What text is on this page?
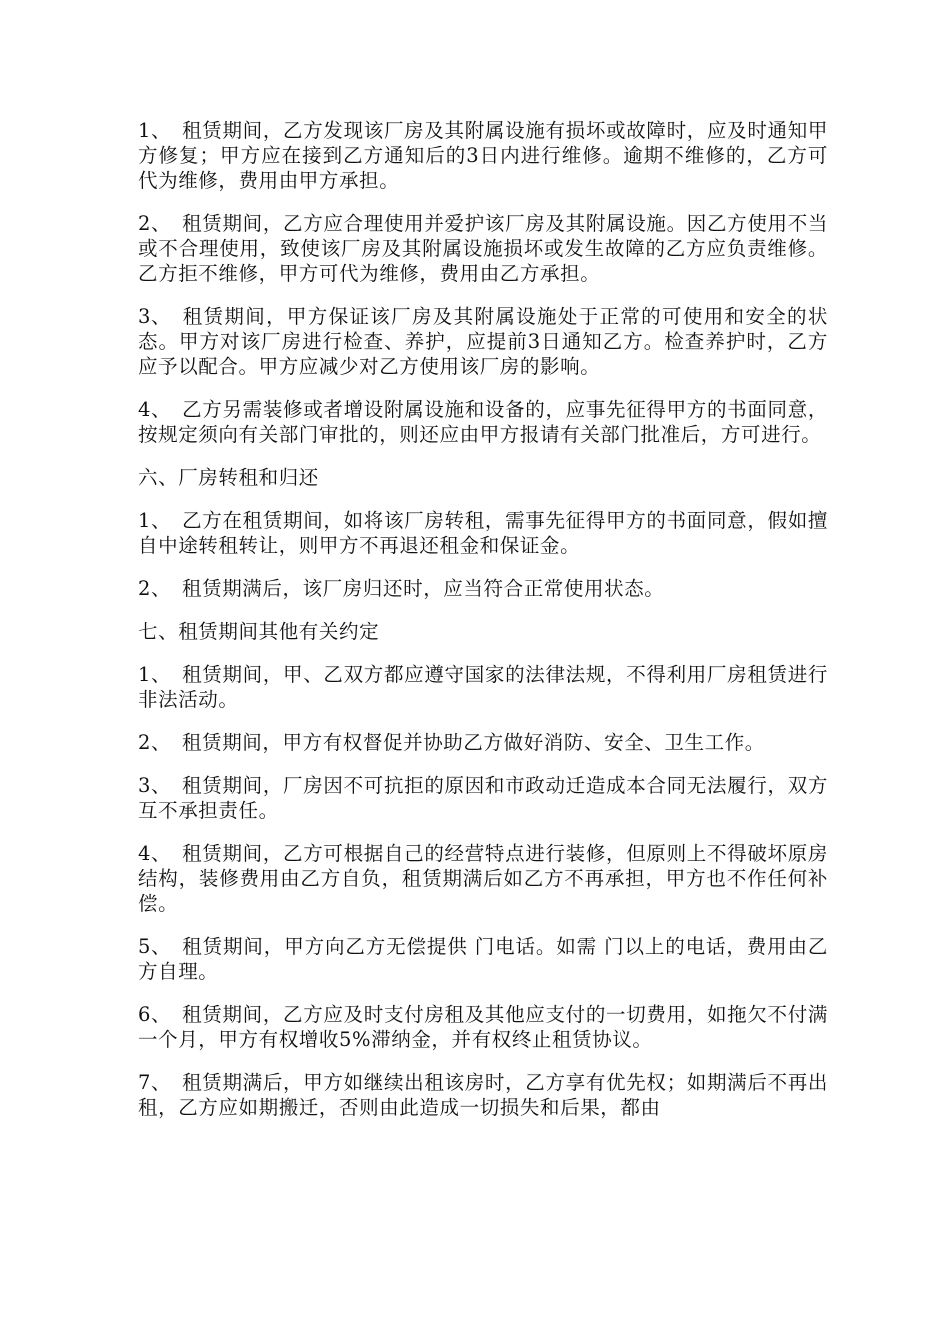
1、 租赁期间，乙方发现该厂房及其附属设施有损坏或故障时，应及时通知甲方修复；甲方应在接到乙方通知后的3日内进行维修。逾期不维修的，乙方可代为维修，费用由甲方承担。

2、 租赁期间，乙方应合理使用并爱护该厂房及其附属设施。因乙方使用不当或不合理使用，致使该厂房及其附属设施损坏或发生故障的乙方应负责维修。乙方拒不维修，甲方可代为维修，费用由乙方承担。

3、 租赁期间，甲方保证该厂房及其附属设施处于正常的可使用和安全的状态。甲方对该厂房进行检查、养护，应提前3日通知乙方。检查养护时，乙方应予以配合。甲方应减少对乙方使用该厂房的影响。

4、 乙方另需装修或者增设附属设施和设备的，应事先征得甲方的书面同意，按规定须向有关部门审批的，则还应由甲方报请有关部门批准后，方可进行。

六、厂房转租和归还

1、 乙方在租赁期间，如将该厂房转租，需事先征得甲方的书面同意，假如擅自中途转租转让，则甲方不再退还租金和保证金。

2、 租赁期满后，该厂房归还时，应当符合正常使用状态。

七、租赁期间其他有关约定

1、 租赁期间，甲、乙双方都应遵守国家的法律法规，不得利用厂房租赁进行非法活动。

2、 租赁期间，甲方有权督促并协助乙方做好消防、安全、卫生工作。

3、 租赁期间，厂房因不可抗拒的原因和市政动迁造成本合同无法履行，双方互不承担责任。

4、 租赁期间，乙方可根据自己的经营特点进行装修，但原则上不得破坏原房结构，装修费用由乙方自负，租赁期满后如乙方不再承担，甲方也不作任何补偿。

5、 租赁期间，甲方向乙方无偿提供 门电话。如需 门以上的电话，费用由乙方自理。

6、 租赁期间，乙方应及时支付房租及其他应支付的一切费用，如拖欠不付满一个月，甲方有权增收5%滞纳金，并有权终止租赁协议。

7、 租赁期满后，甲方如继续出租该房时，乙方享有优先权；如期满后不再出租，乙方应如期搬迁，否则由此造成一切损失和后果，都由
